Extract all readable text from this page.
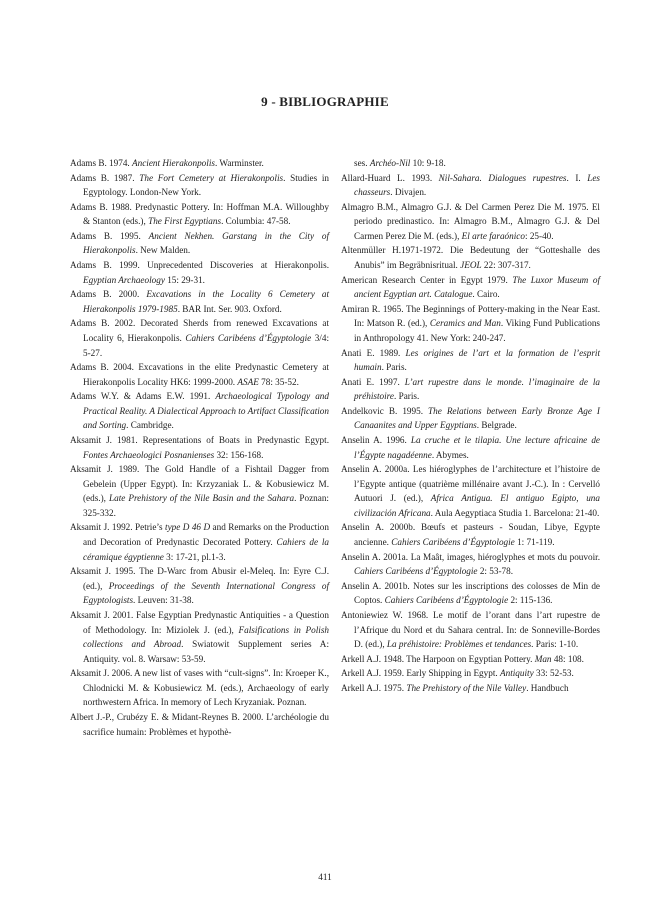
9 - BIBLIOGRAPHIE

Adams B. 1974. Ancient Hierakonpolis. Warminster.

Adams B. 1987. The Fort Cemetery at Hierakonpolis. Studies in Egyptology. London-New York.

Adams B. 1988. Predynastic Pottery. In: Hoffman M.A. Willoughby & Stanton (eds.), The First Egyptians. Columbia: 47-58.

Adams B. 1995. Ancient Nekhen. Garstang in the City of Hierakonpolis. New Malden.

Adams B. 1999. Unprecedented Discoveries at Hierakonpolis. Egyptian Archaeology 15: 29-31.

Adams B. 2000. Excavations in the Locality 6 Cemetery at Hierakonpolis 1979-1985. BAR Int. Ser. 903. Oxford.

Adams B. 2002. Decorated Sherds from renewed Excavations at Locality 6, Hierakonpolis. Cahiers Caribéens d’Égyptologie 3/4: 5-27.

Adams B. 2004. Excavations in the elite Predynastic Cemetery at Hierakonpolis Locality HK6: 1999-2000. ASAE 78: 35-52.

Adams W.Y. & Adams E.W. 1991. Archaeological Typology and Practical Reality. A Dialectical Approach to Artifact Classification and Sorting. Cambridge.

Aksamit J. 1981. Representations of Boats in Predynastic Egypt. Fontes Archaeologici Posnanienses 32: 156-168.

Aksamit J. 1989. The Gold Handle of a Fishtail Dagger from Gebelein (Upper Egypt). In: Krzyzaniak L. & Kobusiewicz M. (eds.), Late Prehistory of the Nile Basin and the Sahara. Poznan: 325-332.

Aksamit J. 1992. Petrie’s type D 46 D and Remarks on the Production and Decoration of Predynastic Decorated Pottery. Cahiers de la céramique égyptienne 3: 17-21, pl.1-3.

Aksamit J. 1995. The D-Warc from Abusir el-Meleq. In: Eyre C.J. (ed.), Proceedings of the Seventh International Congress of Egyptologists. Leuven: 31-38.

Aksamit J. 2001. False Egyptian Predynastic Antiquities - a Question of Methodology. In: Miziolek J. (ed.), Falsifications in Polish collections and Abroad. Swiatowit Supplement series A: Antiquity. vol. 8. Warsaw: 53-59.

Aksamit J. 2006. A new list of vases with “cult-signs”. In: Kroeper K., Chlodnicki M. & Kobusiewicz M. (eds.), Archaeology of early northwestern Africa. In memory of Lech Kryzaniak. Poznan.

Albert J.-P., Crubézy E. & Midant-Reynes B. 2000. L’archéologie du sacrifice humain: Problèmes et hypothè-

ses. Archéo-Nil 10: 9-18.

Allard-Huard L. 1993. Nil-Sahara. Dialogues rupestres. I. Les chasseurs. Divajen.

Almagro B.M., Almagro G.J. & Del Carmen Perez Die M. 1975. El periodo predinastico. In: Almagro B.M., Almagro G.J. & Del Carmen Perez Die M. (eds.), El arte faraónico: 25-40.

Altenmüller H.1971-1972. Die Bedeutung der “Gotteshalle des Anubis” im Begräbnisritual. JEOL 22: 307-317.

American Research Center in Egypt 1979. The Luxor Museum of ancient Egyptian art. Catalogue. Cairo.

Amiran R. 1965. The Beginnings of Pottery-making in the Near East. In: Matson R. (ed.), Ceramics and Man. Viking Fund Publications in Anthropology 41. New York: 240-247.

Anati E. 1989. Les origines de l’art et la formation de l’esprit humain. Paris.

Anati E. 1997. L’art rupestre dans le monde. l’imaginaire de la préhistoire. Paris.

Andelkovic B. 1995. The Relations between Early Bronze Age I Canaanites and Upper Egyptians. Belgrade.

Anselin A. 1996. La cruche et le tilapia. Une lecture africaine de l’Égypte nagadéenne. Abymes.

Anselin A. 2000a. Les hiéroglyphes de l’architecture et l’histoire de l’Egypte antique (quatrième millénaire avant J.-C.). In : Cervelló Autuori J. (ed.), Africa Antigua. El antiguo Egipto, una civilización Africana. Aula Aegyptiaca Studia 1. Barcelona: 21-40.

Anselin A. 2000b. Bœufs et pasteurs - Soudan, Libye, Egypte ancienne. Cahiers Caribéens d’Égyptologie 1: 71-119.

Anselin A. 2001a. La Maât, images, hiéroglyphes et mots du pouvoir. Cahiers Caribéens d’Égyptologie 2: 53-78.

Anselin A. 2001b. Notes sur les inscriptions des colosses de Min de Coptos. Cahiers Caribéens d’Égyptologie 2: 115-136.

Antoniewiez W. 1968. Le motif de l’orant dans l’art rupestre de l’Afrique du Nord et du Sahara central. In: de Sonneville-Bordes D. (ed.), La préhistoire: Problèmes et tendances. Paris: 1-10.

Arkell A.J. 1948. The Harpoon on Egyptian Pottery. Man 48: 108.

Arkell A.J. 1959. Early Shipping in Egypt. Antiquity 33: 52-53.

Arkell A.J. 1975. The Prehistory of the Nile Valley. Handbuch

411
